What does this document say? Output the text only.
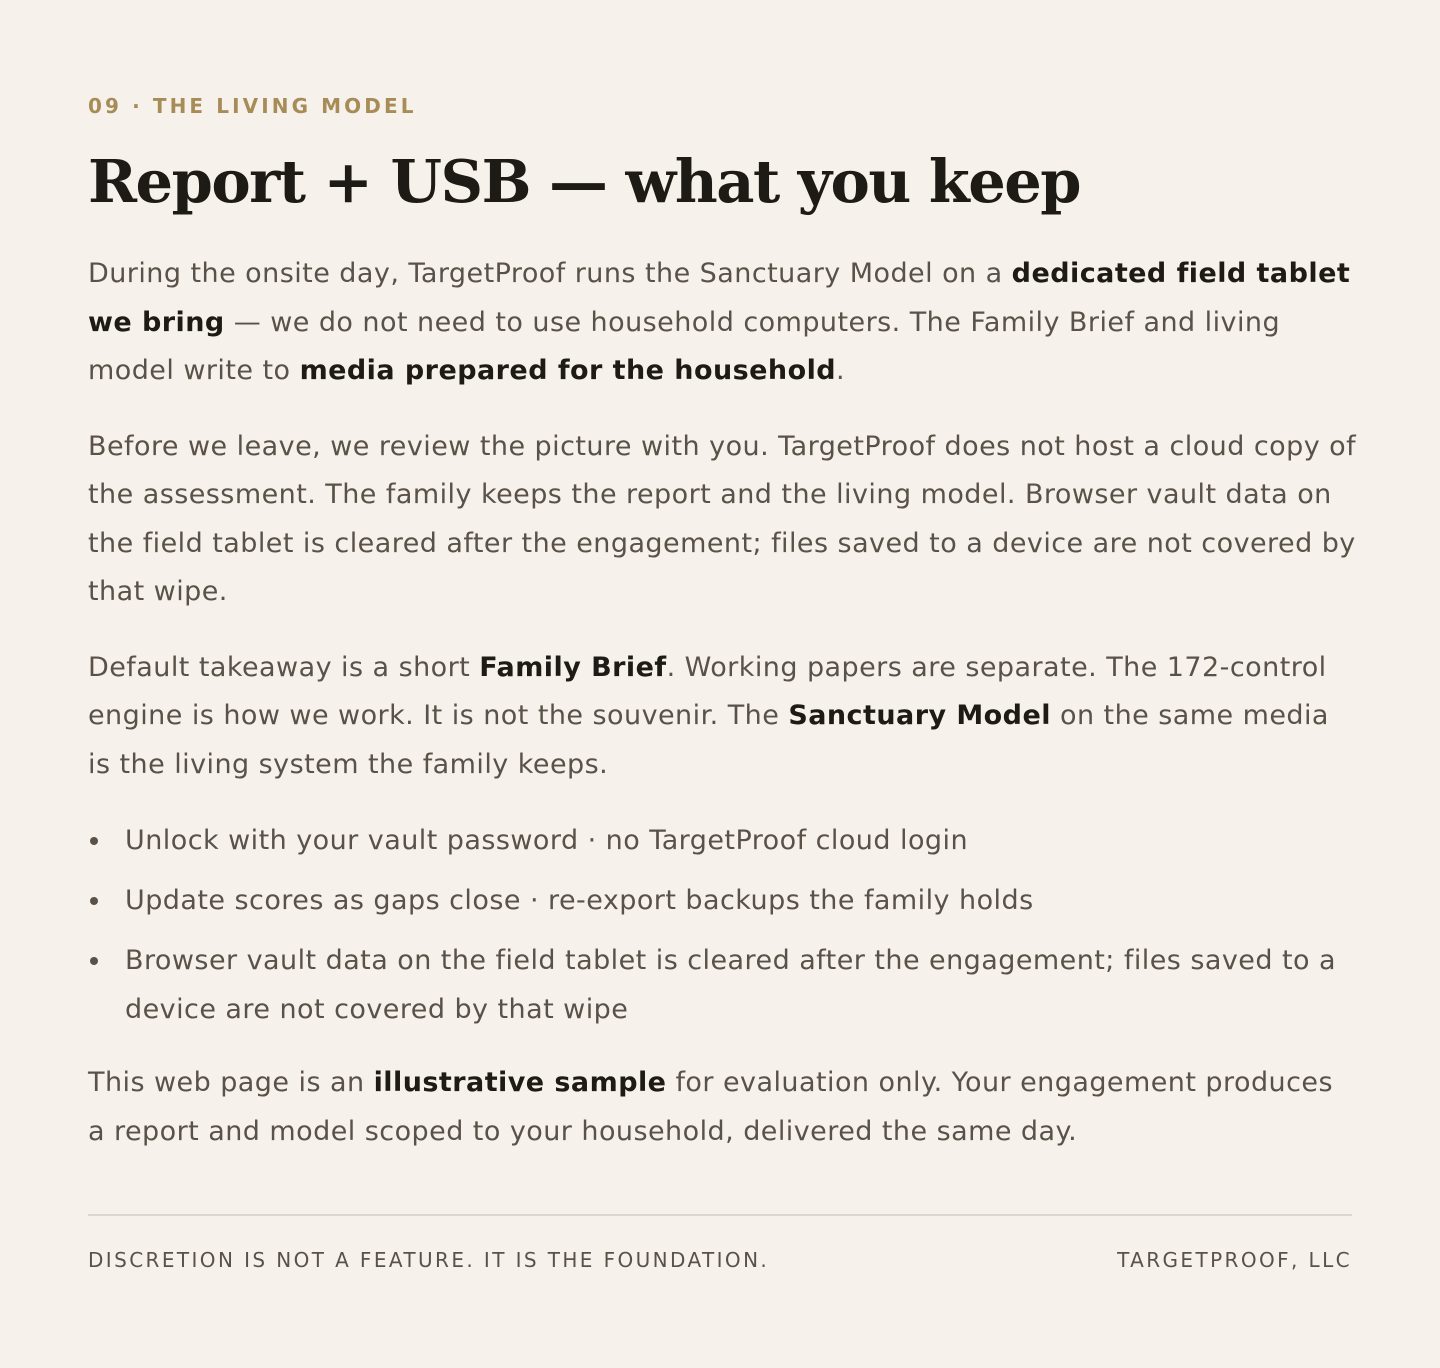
09 · THE LIVING MODEL
Report + USB — what you keep

During the onsite day, TargetProof runs the Sanctuary Model on a dedicated field tablet we bring — we do not need to use household computers. The Family Brief and living model write to media prepared for the household.

Before we leave, we review the picture with you. TargetProof does not host a cloud copy of the assessment. The family keeps the report and the living model. Browser vault data on the field tablet is cleared after the engagement; files saved to a device are not covered by that wipe.

Default takeaway is a short Family Brief. Working papers are separate. The 172-control engine is how we work. It is not the souvenir. The Sanctuary Model on the same media is the living system the family keeps.

Unlock with your vault password · no TargetProof cloud login
Update scores as gaps close · re-export backups the family holds
Browser vault data on the field tablet is cleared after the engagement; files saved to a device are not covered by that wipe

This web page is an illustrative sample for evaluation only. Your engagement produces a report and model scoped to your household, delivered the same day.

DISCRETION IS NOT A FEATURE. IT IS THE FOUNDATION.	TARGETPROOF, LLC
